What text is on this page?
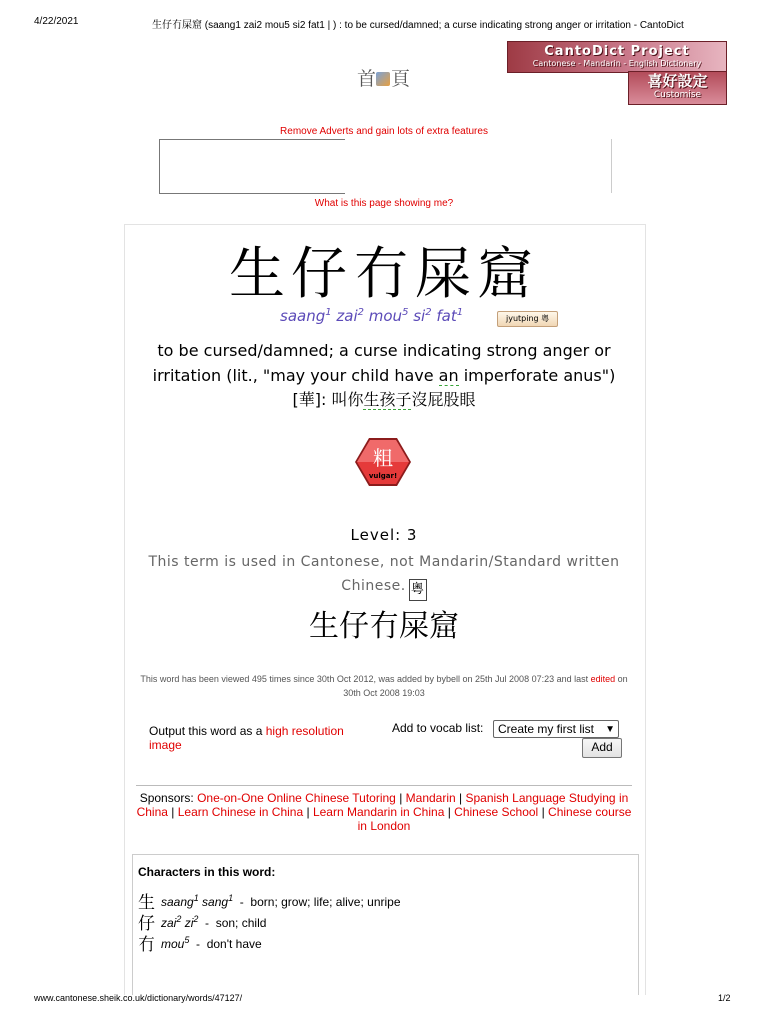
4/22/2021	生仔冇屎窟 (saang1 zai2 mou5 si2 fat1 | ) : to be cursed/damned; a curse indicating strong anger or irritation - CantoDict
www.cantonese.sheik.co.uk/dictionary/words/47127/	1/2
首 頁
CantoDict Project
Cantonese - Mandarin - English Dictionary
喜好設定
Customise
Remove Adverts and gain lots of extra features
What is this page showing me?
生仔冇屎窟
saang$^1$ zai$^2$ mou$^5$ $si^2$ fat$^1$
jyutping 粵
to be cursed/damned; a curse indicating strong anger or irritation (lit., "may your child have an imperforate anus")
[華]: 叫你生孩子沒屁股眼
粗
vulgar!
Level: 3
This term is used in Cantonese, not Mandarin/Standard written Chinese. 粵
生仔冇屎窟
This word has been viewed 495 times since 30th Oct 2012, was added by bybell on 25th Jul 2008 07:23 and last edited on 30th Oct 2008 19:03
Output this word as a high resolution image
Add to vocab list:	Create my first list ▼
Add
Sponsors: One-on-One Online Chinese Tutoring | Mandarin | Spanish Language Studying in China | Learn Chinese in China | Learn Mandarin in China | Chinese School | Chinese course in London
Characters in this word:
生 saang$^1$ sang$^1$  -  born; grow; life; alive; unripe
仔 zai$^2$ $zi^2$  -  son; child
冇 mou$^5$  -  don't have
